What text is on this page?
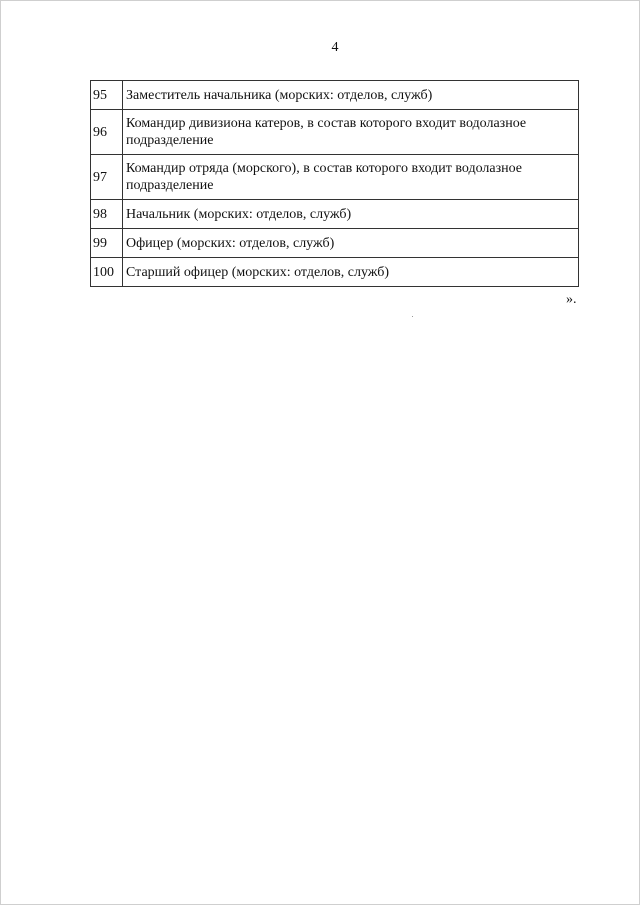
4
95	Заместитель начальника (морских: отделов, служб)
96	Командир дивизиона катеров, в состав которого входит водолазное подразделение
97	Командир отряда (морского), в состав которого входит водолазное подразделение
98	Начальник (морских: отделов, служб)
99	Офицер (морских: отделов, служб)
100	Старший офицер (морских: отделов, служб)
».
